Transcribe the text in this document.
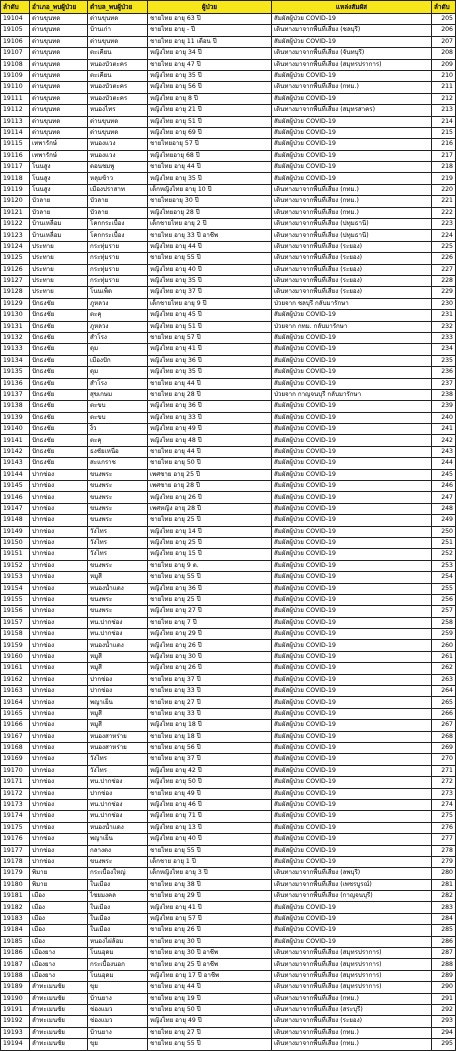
ลำดับ	อำเภอ_พบผู้ป่วย	ตำบล_พบผู้ป่วย	ผู้ป่วย	แหล่งสัมผัส	ลำดับ
19104	ด่านขุนทด	ด่านขุนทด	ชายไทย อายุ 63 ปี	สัมผัสผู้ป่วย COVID-19	205
19105	ด่านขุนทด	บ้านเก่า	ชายไทย อายุ - ปี	เดินทางมาจากพื้นที่เสี่ยง (ชลบุรี)	206
19106	ด่านขุนทด	ด่านขุนทด	ชายไทย อายุ 11 เดือน ปี	สัมผัสผู้ป่วย COVID-19	207
19107	ด่านขุนทด	ตะเคียน	หญิงไทย อายุ 34 ปี	เดินทางมาจากพื้นที่เสี่ยง (จันทบุรี)	208
19108	ด่านขุนทด	หนองบัวตะคร	ชายไทย อายุ 47 ปี	เดินทางมาจากพื้นที่เสี่ยง (สมุทรปราการ)	209
19109	ด่านขุนทด	ตะเคียน	หญิงไทย อายุ 35 ปี	สัมผัสผู้ป่วย COVID-19	210
19110	ด่านขุนทด	หนองบัวตะคร	หญิงไทย อายุ 56 ปี	เดินทางมาจากพื้นที่เสี่ยง (กทม.)	211
19111	ด่านขุนทด	หนองบัวตะคร	หญิงไทย อายุ 8 ปี	สัมผัสผู้ป่วย COVID-19	212
19112	ด่านขุนทด	หนองไทร	หญิงไทย อายุ 21 ปี	เดินทางมาจากพื้นที่เสี่ยง (สมุทรสาคร)	213
19113	ด่านขุนทด	ด่านขุนทด	หญิงไทย อายุ 51 ปี	สัมผัสผู้ป่วย COVID-19	214
19114	ด่านขุนทด	ด่านขุนทด	หญิงไทย อายุ 69 ปี	สัมผัสผู้ป่วย COVID-19	215
19115	เทพารักษ์	หนองแวง	ชายไทยอายุ 57 ปี	สัมผัสผู้ป่วย COVID-19	216
19116	เทพารักษ์	หนองแวง	หญิงไทยอายุ 68 ปี	สัมผัสผู้ป่วย COVID-19	217
19117	โนนสูง	ดอนชมพู	ชายไทย อายุ 44 ปี	สัมผัสผู้ป่วย COVID-19	218
19118	โนนสูง	หลุมข้าว	หญิงไทย อายุ 35 ปี	สัมผัสผู้ป่วย COVID-19	219
19119	โนนสูง	เมืองปราสาท	เด็กหญิงไทย อายุ 10 ปี	เดินทางมาจากพื้นที่เสี่ยง (กทม.)	220
19120	บัวลาย	บัวลาย	ชายไทยอายุ 30 ปี	เดินทางมาจากพื้นที่เสี่ยง (กทม.)	221
19121	บัวลาย	บัวลาย	หญิงไทยอายุ 28 ปี	เดินทางมาจากพื้นที่เสี่ยง (กทม.)	222
19122	บ้านเหลื่อม	โคกกระเบื้อง	เด็กชายไทย อายุ 2 ปี	เดินทางมาจากพื้นที่เสี่ยง (ปทุมธานี)	223
19123	บ้านเหลื่อม	โคกกระเบื้อง	ชายไทย อายุ 33 ปี อาชีพ	เดินทางมาจากพื้นที่เสี่ยง (ปทุมธานี)	224
19124	ประทาย	กระทุ่มราย	หญิงไทย อายุ 44 ปี	เดินทางมาจากพื้นที่เสี่ยง (ระยอง)	225
19125	ประทาย	กระทุ่มราย	ชายไทย อายุ 55 ปี	เดินทางมาจากพื้นที่เสี่ยง (ระยอง)	226
19126	ประทาย	กระทุ่มราย	หญิงไทย อายุ 40 ปี	เดินทางมาจากพื้นที่เสี่ยง (ระยอง)	227
19127	ประทาย	กระทุ่มราย	หญิงไทย อายุ 35 ปี	เดินทางมาจากพื้นที่เสี่ยง (ระยอง)	228
19128	ประทาย	โนนเพ็ด	หญิงไทย อายุ 37 ปี	เดินทางมาจากพื้นที่เสี่ยง (ระยอง)	229
19129	ปักธงชัย	ภูหลวง	เด็กชายไทย อายุ 9 ปี	ป่วยจาก ชลบุรี กลับมารักษา	230
19130	ปักธงชัย	ตะคุ	หญิงไทย อายุ 45 ปี	สัมผัสผู้ป่วย COVID-19	231
19131	ปักธงชัย	ภูหลวง	หญิงไทย อายุ 51 ปี	ป่วยจาก กทม. กลับมารักษา	232
19132	ปักธงชัย	สำโรง	ชายไทย อายุ 57 ปี	สัมผัสผู้ป่วย COVID-19	233
19133	ปักธงชัย	ดุม	หญิงไทย อายุ 41 ปี	สัมผัสผู้ป่วย COVID-19	234
19134	ปักธงชัย	เมืองปัก	หญิงไทย อายุ 36 ปี	สัมผัสผู้ป่วย COVID-19	235
19135	ปักธงชัย	ดุม	หญิงไทย อายุ 35 ปี	สัมผัสผู้ป่วย COVID-19	236
19136	ปักธงชัย	สำโรง	ชายไทย อายุ 44 ปี	สัมผัสผู้ป่วย COVID-19	237
19137	ปักธงชัย	สุขเกษม	ชายไทย อายุ 28 ปี	ป่วยจาก กาญจนบุรี กลับมารักษา	238
19138	ปักธงชัย	ตะขบ	หญิงไทย อายุ 36 ปี	สัมผัสผู้ป่วย COVID-19	239
19139	ปักธงชัย	ตะขบ	หญิงไทย อายุ 33 ปี	สัมผัสผู้ป่วย COVID-19	240
19140	ปักธงชัย	งิ้ว	หญิงไทย อายุ 49 ปี	สัมผัสผู้ป่วย COVID-19	241
19141	ปักธงชัย	ตะคุ	หญิงไทย อายุ 48 ปี	สัมผัสผู้ป่วย COVID-19	242
19142	ปักธงชัย	ธงชัยเหนือ	ชายไทย อายุ 44 ปี	สัมผัสผู้ป่วย COVID-19	243
19143	ปักธงชัย	สะแกราช	ชายไทย อายุ 50 ปี	สัมผัสผู้ป่วย COVID-19	244
19144	ปากช่อง	ขนงพระ	เพศชาย อายุ 25 ปี	สัมผัสผู้ป่วย COVID-19	245
19145	ปากช่อง	ขนงพระ	เพศชาย อายุ 28 ปี	สัมผัสผู้ป่วย COVID-19	246
19146	ปากช่อง	ขนงพระ	หญิงไทย อายุ 26 ปี	สัมผัสผู้ป่วย COVID-19	247
19147	ปากช่อง	ขนงพระ	เพศหญิง อายุ 28 ปี	สัมผัสผู้ป่วย COVID-19	248
19148	ปากช่อง	ขนงพระ	ชายไทย อายุ 25 ปี	สัมผัสผู้ป่วย COVID-19	249
19149	ปากช่อง	วังไทร	หญิงไทย อายุ 14 ปี	สัมผัสผู้ป่วย COVID-19	250
19150	ปากช่อง	วังไทร	หญิงไทย อายุ 25 ปี	สัมผัสผู้ป่วย COVID-19	251
19151	ปากช่อง	วังไทร	หญิงไทย อายุ 15 ปี	สัมผัสผู้ป่วย COVID-19	252
19152	ปากช่อง	ขนงพระ	ชายไทย อายุ 9 ด.	สัมผัสผู้ป่วย COVID-19	253
19153	ปากช่อง	หมูสี	ชายไทย อายุ 55 ปี	สัมผัสผู้ป่วย COVID-19	254
19154	ปากช่อง	หนองน้ำแดง	หญิงไทย อายุ 36 ปี	สัมผัสผู้ป่วย COVID-19	255
19155	ปากช่อง	ขนงพระ	ชายไทย อายุ 25 ปี	สัมผัสผู้ป่วย COVID-19	256
19156	ปากช่อง	ขนงพระ	หญิงไทย อายุ 27 ปี	สัมผัสผู้ป่วย COVID-19	257
19157	ปากช่อง	ทน.ปากช่อง	ชายไทย อายุ 7 ปี	สัมผัสผู้ป่วย COVID-19	258
19158	ปากช่อง	ทน.ปากช่อง	หญิงไทย อายุ 29 ปี	สัมผัสผู้ป่วย COVID-19	259
19159	ปากช่อง	หนองน้ำแดง	หญิงไทย อายุ 26 ปี	สัมผัสผู้ป่วย COVID-19	260
19160	ปากช่อง	หมูสี	หญิงไทย อายุ 30 ปี	สัมผัสผู้ป่วย COVID-19	261
19161	ปากช่อง	หมูสี	หญิงไทย อายุ 26 ปี	สัมผัสผู้ป่วย COVID-19	262
19162	ปากช่อง	ปากช่อง	ชายไทย อายุ 37 ปี	สัมผัสผู้ป่วย COVID-19	263
19163	ปากช่อง	ปากช่อง	ชายไทย อายุ 33 ปี	สัมผัสผู้ป่วย COVID-19	264
19164	ปากช่อง	พญาเย็น	ชายไทย อายุ 27 ปี	สัมผัสผู้ป่วย COVID-19	265
19165	ปากช่อง	หมูสี	ชายไทย อายุ 33 ปี	สัมผัสผู้ป่วย COVID-19	266
19166	ปากช่อง	หมูสี	หญิงไทย อายุ 18 ปี	สัมผัสผู้ป่วย COVID-19	267
19167	ปากช่อง	หนองสาหร่าย	ชายไทย อายุ 18 ปี	สัมผัสผู้ป่วย COVID-19	268
19168	ปากช่อง	หนองสาหร่าย	ชายไทย อายุ 56 ปี	สัมผัสผู้ป่วย COVID-19	269
19169	ปากช่อง	วังไทร	ชายไทย อายุ 37 ปี	สัมผัสผู้ป่วย COVID-19	270
19170	ปากช่อง	วังไทร	หญิงไทย อายุ 42 ปี	สัมผัสผู้ป่วย COVID-19	271
19171	ปากช่อง	ทน.ปากช่อง	หญิงไทย อายุ 50 ปี	สัมผัสผู้ป่วย COVID-19	272
19172	ปากช่อง	ปากช่อง	ชายไทย อายุ 49 ปี	สัมผัสผู้ป่วย COVID-19	273
19173	ปากช่อง	ทน.ปากช่อง	หญิงไทย อายุ 46 ปี	สัมผัสผู้ป่วย COVID-19	274
19174	ปากช่อง	ทน.ปากช่อง	หญิงไทย อายุ 71 ปี	สัมผัสผู้ป่วย COVID-19	275
19175	ปากช่อง	หนองน้ำแดง	หญิงไทย อายุ 13 ปี	สัมผัสผู้ป่วย COVID-19	276
19176	ปากช่อง	พญาเย็น	หญิงไทย อายุ 40 ปี	สัมผัสผู้ป่วย COVID-19	277
19177	ปากช่อง	กลางดง	ชายไทย อายุ 55 ปี	สัมผัสผู้ป่วย COVID-19	278
19178	ปากช่อง	ขนงพระ	เด็กชาย อายุ 1 ปี	สัมผัสผู้ป่วย COVID-19	279
19179	พิมาย	กระเบื้องใหญ่	เด็กหญิงไทย อายุ 3 ปี	เดินทางมาจากพื้นที่เสี่ยง (ลพบุรี)	280
19180	พิมาย	ในเมือง	ชายไทย อายุ 38 ปี	เดินทางมาจากพื้นที่เสี่ยง (เพชรบูรณ์)	281
19181	เมือง	ไชยมงคล	ชายไทย อายุ 29 ปี	เดินทางมาจากพื้นที่เสี่ยง (กาญจนบุรี)	282
19182	เมือง	ในเมือง	หญิงไทย อายุ 41 ปี	สัมผัสผู้ป่วย COVID-19	283
19183	เมือง	ในเมือง	หญิงไทย อายุ 57 ปี	สัมผัสผู้ป่วย COVID-19	284
19184	เมือง	ในเมือง	ชายไทย อายุ 26 ปี	สัมผัสผู้ป่วย COVID-19	285
19185	เมือง	หนองไผ่ล้อม	ชายไทย อายุ 30 ปี	สัมผัสผู้ป่วย COVID-19	286
19186	เมืองยาง	โนนอุดม	ชายไทย อายุ 30 ปี อาชีพ	เดินทางมาจากพื้นที่เสี่ยง (สมุทรปราการ)	287
19187	เมืองยาง	กระเบื้องนอก	ชายไทย อายุ 25 ปี อาชีพ	เดินทางมาจากพื้นที่เสี่ยง (สมุทรปราการ)	288
19188	เมืองยาง	โนนอุดม	หญิงไทย อายุ 17 ปี อาชีพ	เดินทางมาจากพื้นที่เสี่ยง (สมุทรปราการ)	289
19189	ลำทะเมนชัย	ขุย	ชายไทย อายุ 44 ปี	เดินทางมาจากพื้นที่เสี่ยง (สมุทรปราการ)	290
19190	ลำทะเมนชัย	บ้านยาง	ชายไทย อายุ 19 ปี	เดินทางมาจากพื้นที่เสี่ยง (กทม.)	291
19191	ลำทะเมนชัย	ช่องแมว	ชายไทย อายุ 50 ปี	เดินทางมาจากพื้นที่เสี่ยง (สระบุรี)	292
19192	ลำทะเมนชัย	ช่องแมว	หญิงไทย อายุ 49 ปี	เดินทางมาจากพื้นที่เสี่ยง (ระยอง)	293
19193	ลำทะเมนชัย	บ้านยาง	ชายไทย อายุ 27 ปี	เดินทางมาจากพื้นที่เสี่ยง (กทม.)	294
19194	ลำทะเมนชัย	ขุย	ชายไทย อายุ 55 ปี	เดินทางมาจากพื้นที่เสี่ยง (กทม.)	295
